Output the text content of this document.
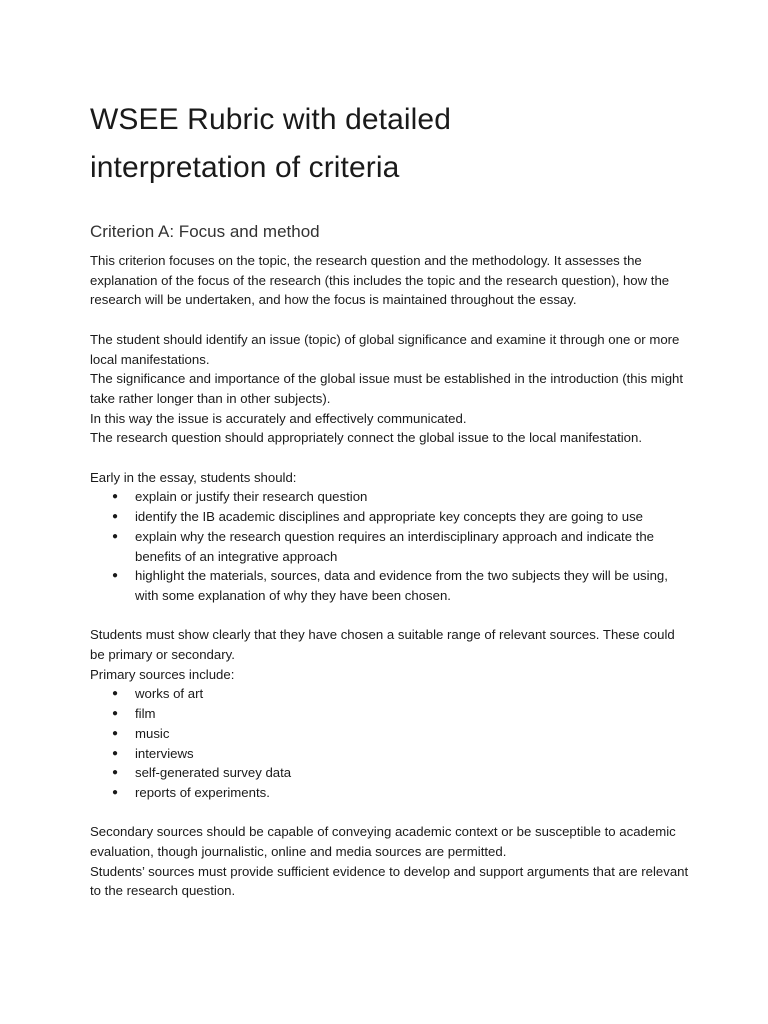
WSEE Rubric with detailed
interpretation of criteria
Criterion A: Focus and method

This criterion focuses on the topic, the research question and the methodology. It assesses the explanation of the focus of the research (this includes the topic and the research question), how the research will be undertaken, and how the focus is maintained throughout the essay.

The student should identify an issue (topic) of global significance and examine it through one or more local manifestations.
The significance and importance of the global issue must be established in the introduction (this might take rather longer than in other subjects).
In this way the issue is accurately and effectively communicated.
The research question should appropriately connect the global issue to the local manifestation.

Early in the essay, students should:

● explain or justify their research question
● identify the IB academic disciplines and appropriate key concepts they are going to use
● explain why the research question requires an interdisciplinary approach and indicate the benefits of an integrative approach
● highlight the materials, sources, data and evidence from the two subjects they will be using, with some explanation of why they have been chosen.

Students must show clearly that they have chosen a suitable range of relevant sources. These could be primary or secondary.

Primary sources include:

● works of art
● film
● music
● interviews
● self-generated survey data
● reports of experiments.

Secondary sources should be capable of conveying academic context or be susceptible to academic evaluation, though journalistic, online and media sources are permitted.
Students’ sources must provide sufficient evidence to develop and support arguments that are relevant to the research question.
